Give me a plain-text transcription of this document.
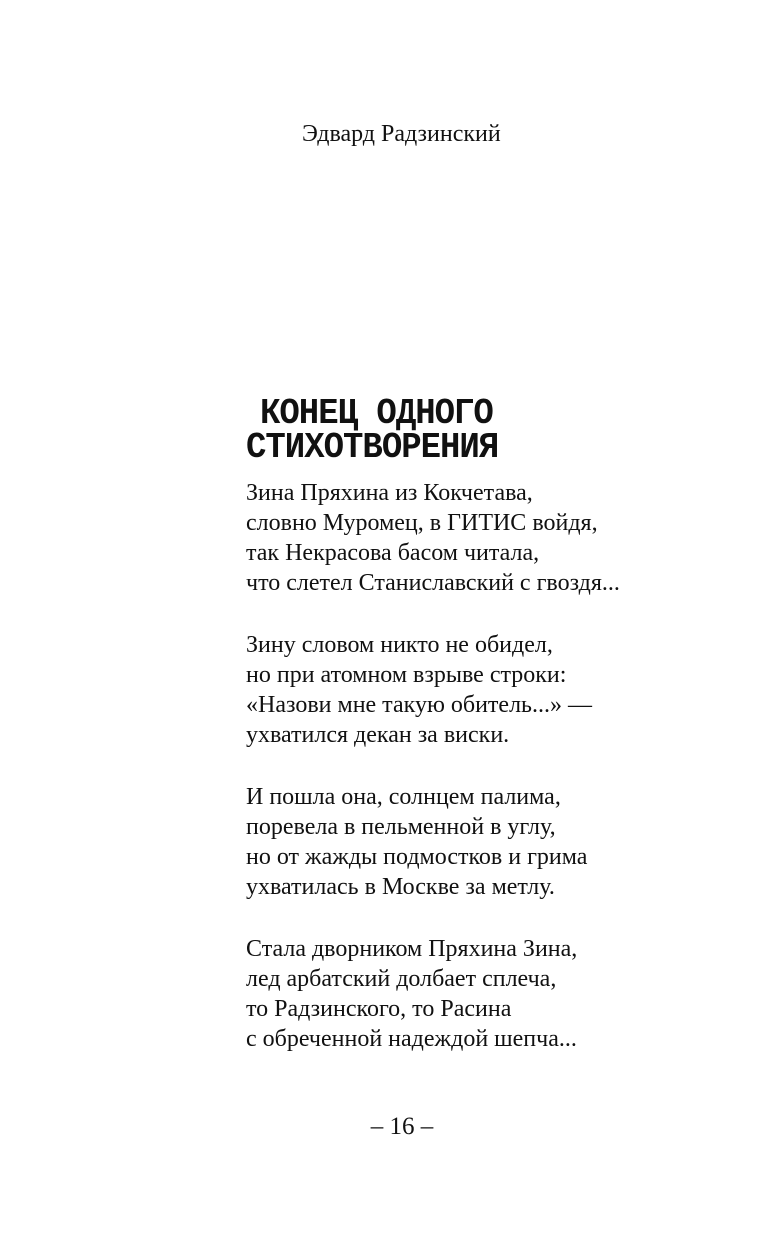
Эдвард Радзинский
КОНЕЦ ОДНОГО
СТИХОТВОРЕНИЯ
Зина Пряхина из Кокчетава,
словно Муромец, в ГИТИС войдя,
так Некрасова басом читала,
что слетел Станиславский с гвоздя...
Зину словом никто не обидел,
но при атомном взрыве строки:
«Назови мне такую обитель...» —
ухватился декан за виски.
И пошла она, солнцем палима,
поревела в пельменной в углу,
но от жажды подмостков и грима
ухватилась в Москве за метлу.
Стала дворником Пряхина Зина,
лед арбатский долбает сплеча,
то Радзинского, то Расина
с обреченной надеждой шепча...
– 16 –
